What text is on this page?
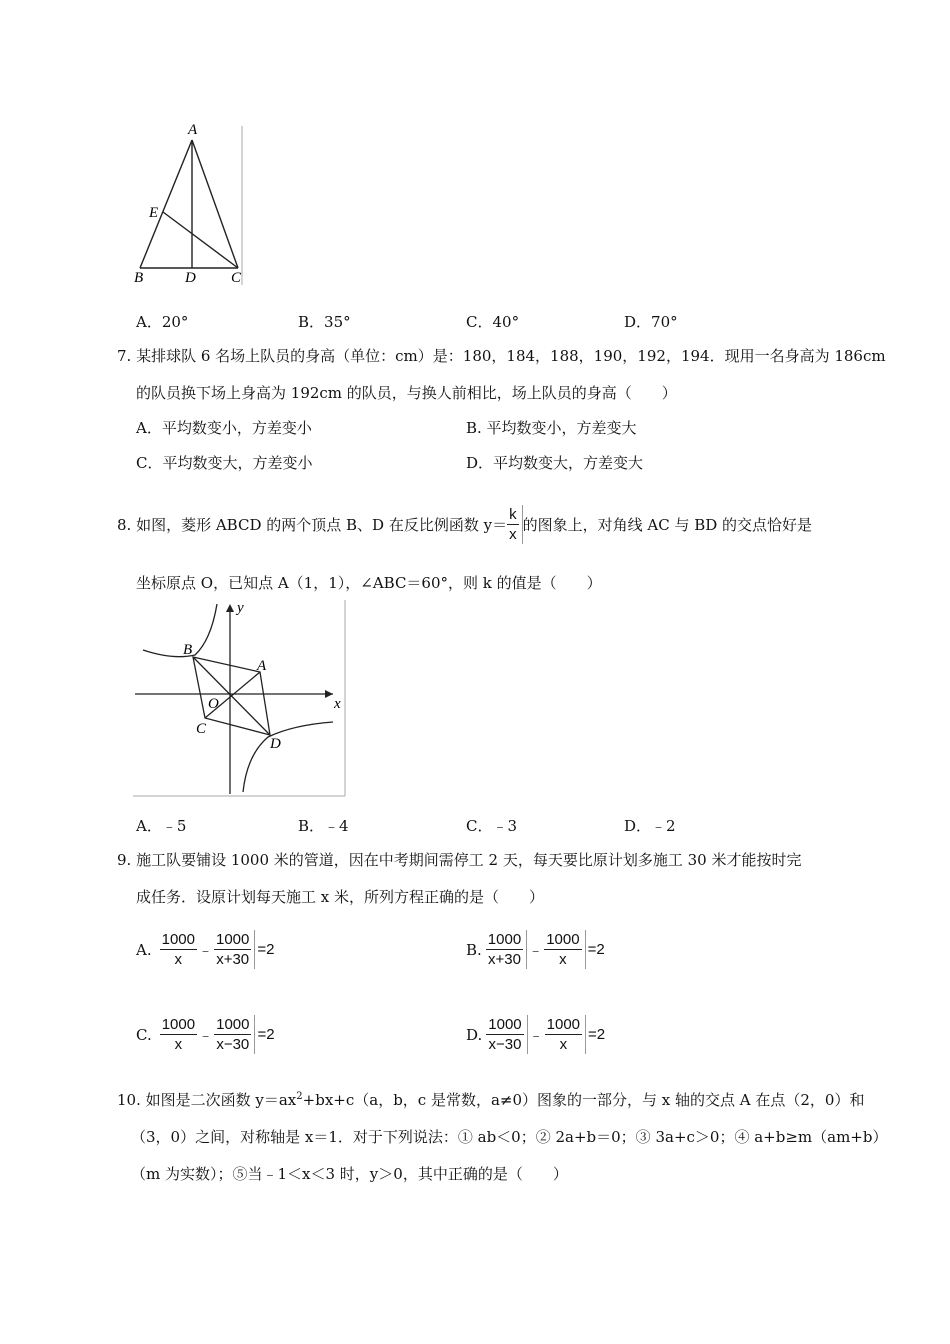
A
E
B	D C
A．20°	B．35°	C．40°	D．70°
7. 某排球队 6 名场上队员的身高（单位：cm）是：180，184，188，190，192，194．现用一名身高为 186cm
的队员换下场上身高为 192cm 的队员，与换人前相比，场上队员的身高（　　）
A．平均数变小，方差变小	B. 平均数变小，方差变大
C．平均数变大，方差变小	D．平均数变大，方差变大
8. 如图，菱形 ABCD 的两个顶点 B、D 在反比例函数 $y= \frac{k}{x}$ 的图象上，对角线 AC 与 BD 的交点恰好是
坐标原点 O，已知点 A（1，1），∠ABC＝60°，则 k 的值是（　　）
y
x
B
A
O
C
D
A．﹣5	B．﹣4	C．﹣3	D．﹣2
9. 施工队要铺设 1000 米的管道，因在中考期间需停工 2 天，每天要比原计划多施工 30 米才能按时完
成任务．设原计划每天施工 x 米，所列方程正确的是（　　）
A. $\frac{1000}{x}$ ﹣ $\frac{1000}{x+30} =2$	B. $\frac{1000}{x+30}$ ﹣ $\frac{1000}{x} =2$
C. $\frac{1000}{x}$ ﹣ $\frac{1000}{x-30} =2$	D. $\frac{1000}{x-30}$ ﹣ $\frac{1000}{x} =2$
10. 如图是二次函数 $y=ax^2+bx+c(a$，b，c 是常数，a≠0）图象的一部分，与 x 轴的交点 A 在点（2，0）和
（3，0）之间，对称轴是 x＝1．对于下列说法：① ab＜0；② 2a+b＝0；③ 3a+c＞0；④ a+b≥m（am+b）
（m 为实数）；⑤当﹣1＜x＜3 时，y＞0，其中正确的是（　　）
